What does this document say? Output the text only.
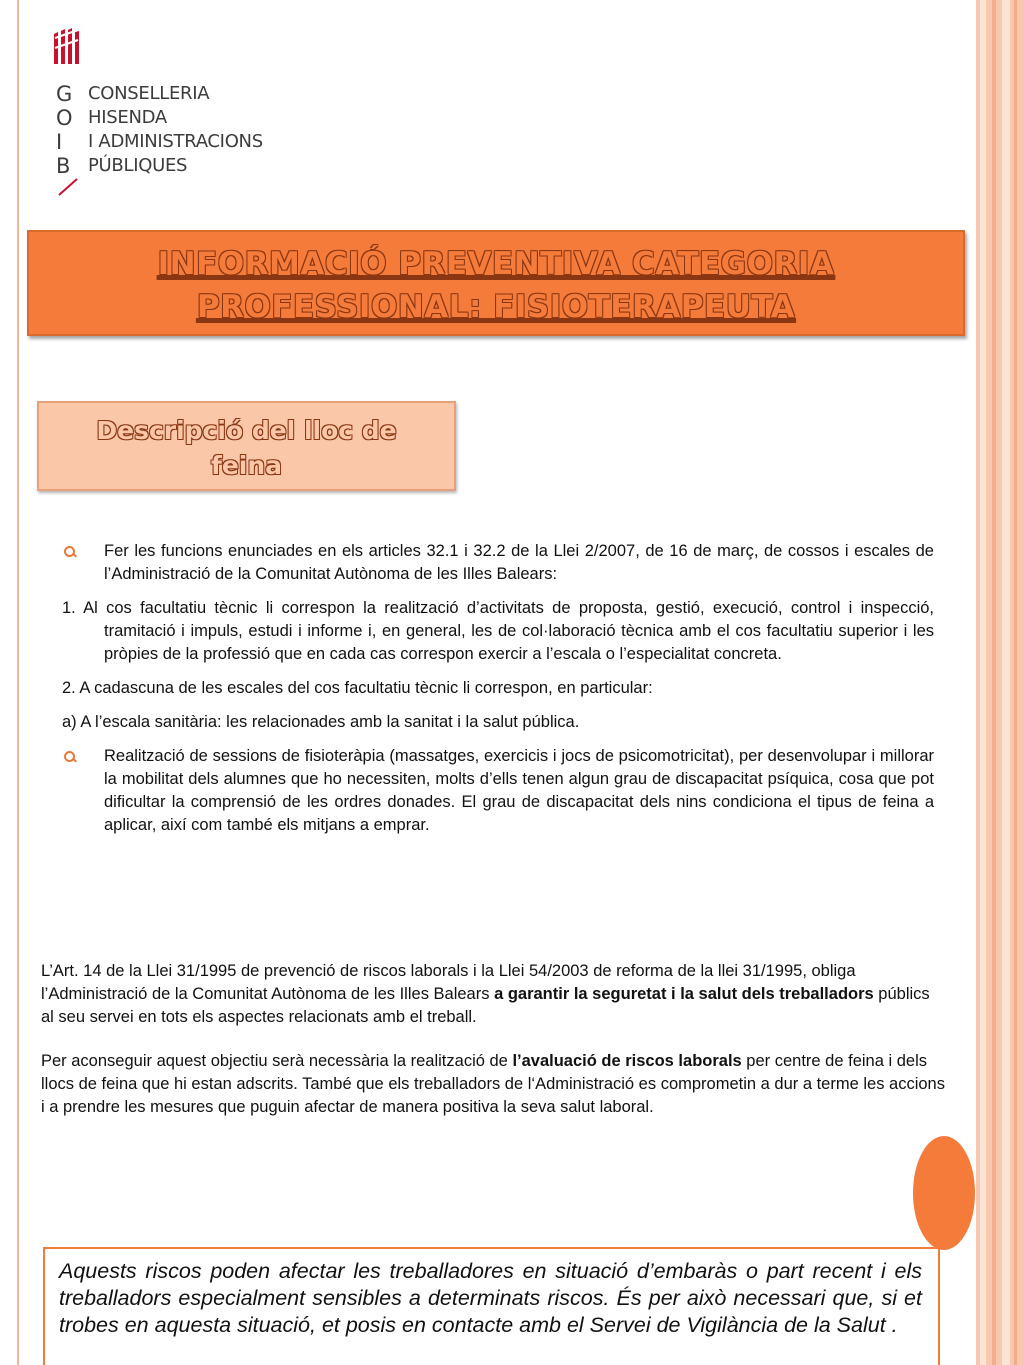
G
O
I
B
CONSELLERIA
HISENDA
I ADMINISTRACIONS
PÚBLIQUES
INFORMACIÓ PREVENTIVA CATEGORIA
PROFESSIONAL: FISIOTERAPEUTA
Descripció del lloc de feina

Fer les funcions enunciades en els articles 32.1 i 32.2 de la Llei 2/2007, de 16 de març, de cossos i escales de l’Administració de la Comunitat Autònoma de les Illes Balears:

1. Al cos facultatiu tècnic li correspon la realització d’activitats de proposta, gestió, execució, control i inspecció, tramitació i impuls, estudi i informe i, en general, les de col·laboració tècnica amb el cos facultatiu superior i les pròpies de la professió que en cada cas correspon exercir a l’escala o l’especialitat concreta.

2. A cadascuna de les escales del cos facultatiu tècnic li correspon, en particular:

a) A l’escala sanitària: les relacionades amb la sanitat i la salut pública.

Realització de sessions de fisioteràpia (massatges, exercicis i jocs de psicomotricitat), per desenvolupar i millorar la mobilitat dels alumnes que ho necessiten, molts d’ells tenen algun grau de discapacitat psíquica, cosa que pot dificultar la comprensió de les ordres donades. El grau de discapacitat dels nins condiciona el tipus de feina a aplicar, així com també els mitjans a emprar.

L’Art. 14 de la Llei 31/1995 de prevenció de riscos laborals i la Llei 54/2003 de reforma de la llei 31/1995, obliga l’Administració de la Comunitat Autònoma de les Illes Balears a garantir la seguretat i la salut dels treballadors públics al seu servei en tots els aspectes relacionats amb el treball.

Per aconseguir aquest objectiu serà necessària la realització de l’avaluació de riscos laborals per centre de feina i dels llocs de feina que hi estan adscrits. També que els treballadors de l‘Administració es comprometin a dur a terme les accions i a prendre les mesures que puguin afectar de manera positiva la seva salut laboral.

Aquests riscos poden afectar les treballadores en situació d’embaràs o part recent i els treballadors especialment sensibles a determinats riscos. És per això necessari que, si et trobes en aquesta situació, et posis en contacte amb el Servei de Vigilància de la Salut .
